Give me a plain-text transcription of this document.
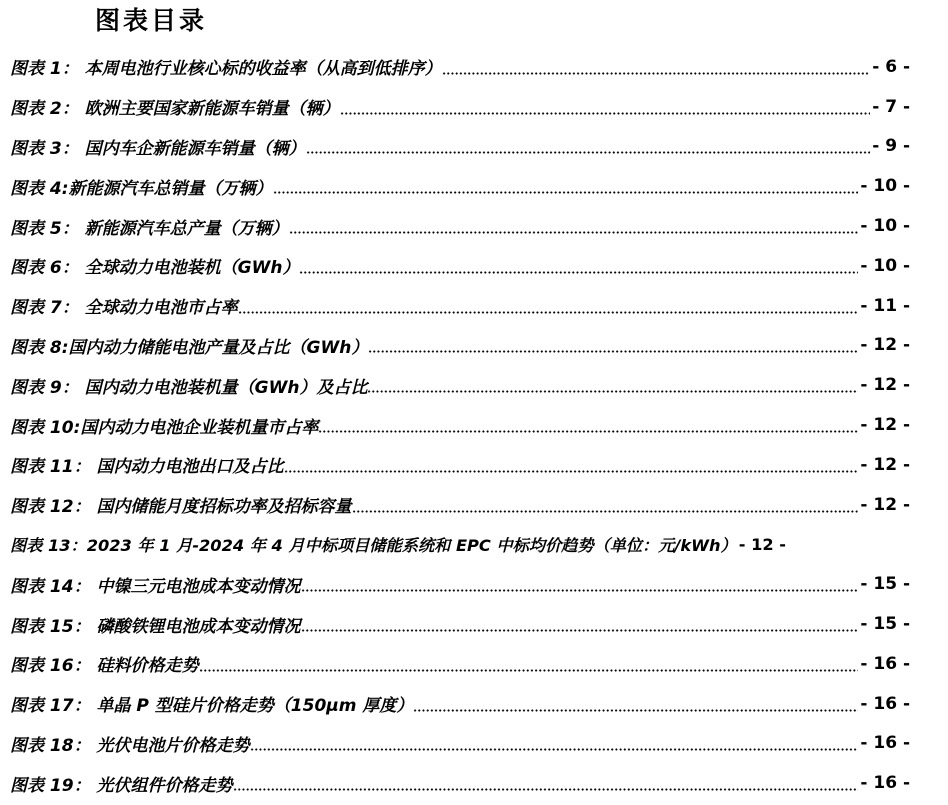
图表目录
图表 1： 本周电池行业核心标的收益率（从高到低排序）	- 6 -
图表 2： 欧洲主要国家新能源车销量（辆）	- 7 -
图表 3： 国内车企新能源车销量（辆）	- 9 -
图表 4:新能源汽车总销量（万辆）	- 10 -
图表 5： 新能源汽车总产量（万辆）	- 10 -
图表 6： 全球动力电池装机（GWh）	- 10 -
图表 7： 全球动力电池市占率	- 11 -
图表 8:国内动力储能电池产量及占比（GWh）	- 12 -
图表 9： 国内动力电池装机量（GWh）及占比	- 12 -
图表 10:国内动力电池企业装机量市占率	- 12 -
图表 11： 国内动力电池出口及占比	- 12 -
图表 12： 国内储能月度招标功率及招标容量	- 12 -
图表 13：2023 年 1 月-2024 年 4 月中标项目储能系统和 EPC 中标均价趋势（单位：元/kWh） - 12 -
图表 14： 中镍三元电池成本变动情况	- 15 -
图表 15： 磷酸铁锂电池成本变动情况	- 15 -
图表 16： 硅料价格走势	- 16 -
图表 17： 单晶 P 型硅片价格走势（150μm 厚度）	- 16 -
图表 18： 光伏电池片价格走势	- 16 -
图表 19： 光伏组件价格走势	- 16 -
